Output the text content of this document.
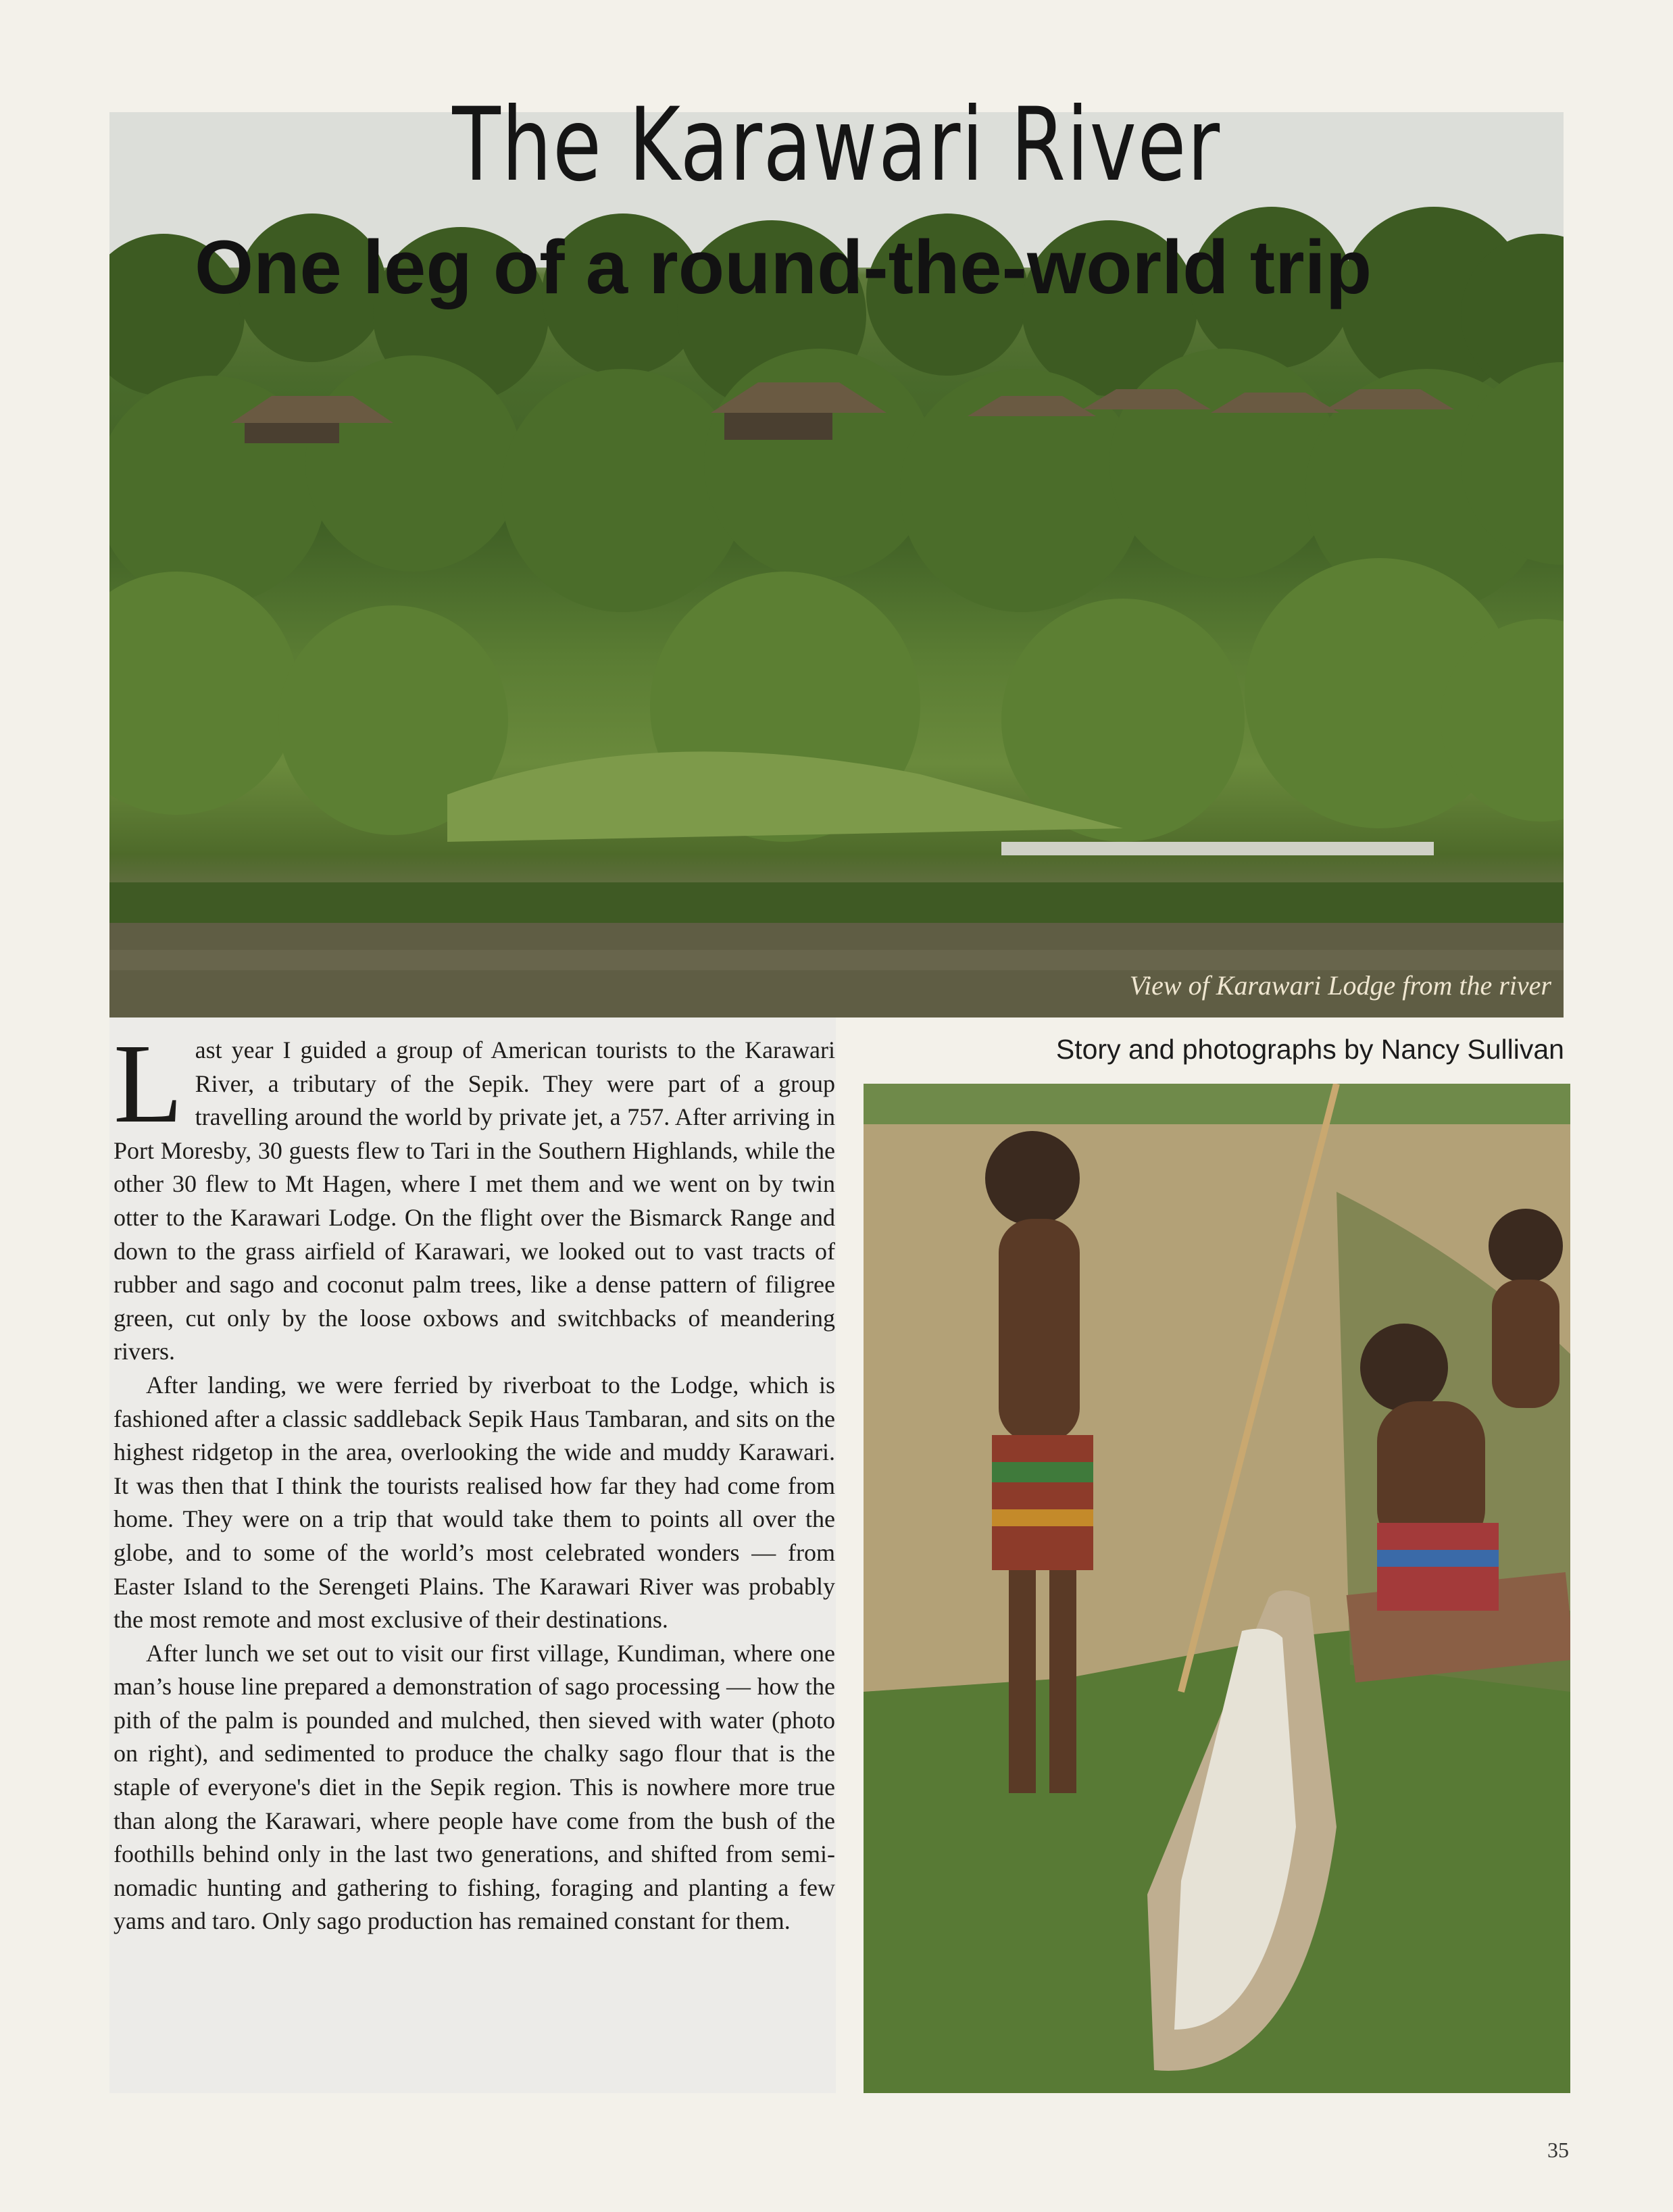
The Karawari River
One leg of a round-the-world trip
View of Karawari Lodge from the river

Last year I guided a group of American tourists to the Karawari River, a tributary of the Sepik. They were part of a group travelling around the world by private jet, a 757. After arriving in Port Moresby, 30 guests flew to Tari in the Southern Highlands, while the other 30 flew to Mt Hagen, where I met them and we went on by twin otter to the Karawari Lodge. On the flight over the Bismarck Range and down to the grass airfield of Karawari, we looked out to vast tracts of rubber and sago and coconut palm trees, like a dense pattern of filigree green, cut only by the loose oxbows and switchbacks of meandering rivers.

After landing, we were ferried by riverboat to the Lodge, which is fashioned after a classic saddleback Sepik Haus Tambaran, and sits on the highest ridgetop in the area, overlooking the wide and muddy Karawari. It was then that I think the tourists realised how far they had come from home. They were on a trip that would take them to points all over the globe, and to some of the world’s most celebrated wonders — from Easter Island to the Serengeti Plains. The Karawari River was probably the most remote and most exclusive of their destinations.

After lunch we set out to visit our first village, Kundiman, where one man’s house line prepared a demonstration of sago processing — how the pith of the palm is pounded and mulched, then sieved with water (photo on right), and sedimented to produce the chalky sago flour that is the staple of everyone's diet in the Sepik region. This is nowhere more true than along the Karawari, where people have come from the bush of the foothills behind only in the last two generations, and shifted from semi-nomadic hunting and gathering to fishing, foraging and planting a few yams and taro. Only sago production has remained constant for them.

Story and photographs by Nancy Sullivan
35
